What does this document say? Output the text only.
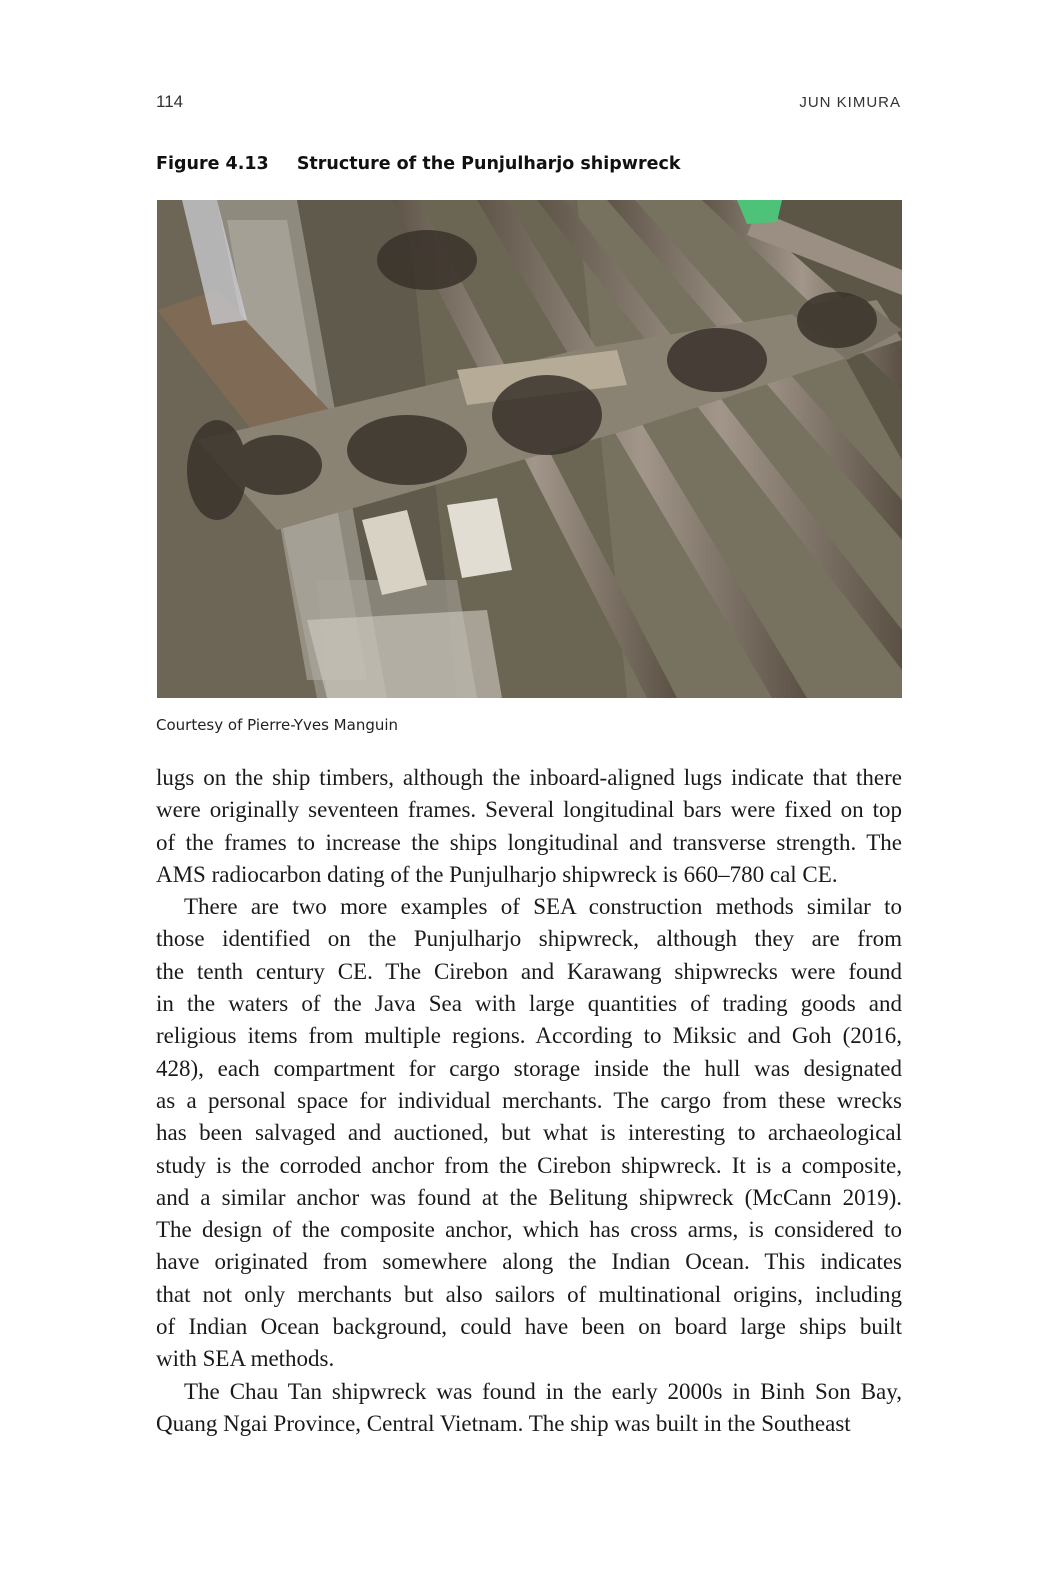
114	JUN KIMURA
Figure 4.13 Structure of the Punjulharjo shipwreck
Courtesy of Pierre-Yves Manguin
lugs on the ship timbers, although the inboard-aligned lugs indicate that there
were originally seventeen frames. Several longitudinal bars were fixed on top
of the frames to increase the ships longitudinal and transverse strength. The
AMS radiocarbon dating of the Punjulharjo shipwreck is 660–780 cal CE.
There are two more examples of SEA construction methods similar to
those identified on the Punjulharjo shipwreck, although they are from
the tenth century CE. The Cirebon and Karawang shipwrecks were found
in the waters of the Java Sea with large quantities of trading goods and
religious items from multiple regions. According to Miksic and Goh (2016,
428), each compartment for cargo storage inside the hull was designated
as a personal space for individual merchants. The cargo from these wrecks
has been salvaged and auctioned, but what is interesting to archaeological
study is the corroded anchor from the Cirebon shipwreck. It is a composite,
and a similar anchor was found at the Belitung shipwreck (McCann 2019).
The design of the composite anchor, which has cross arms, is considered to
have originated from somewhere along the Indian Ocean. This indicates
that not only merchants but also sailors of multinational origins, including
of Indian Ocean background, could have been on board large ships built
with SEA methods.
The Chau Tan shipwreck was found in the early 2000s in Binh Son Bay,
Quang Ngai Province, Central Vietnam. The ship was built in the Southeast
